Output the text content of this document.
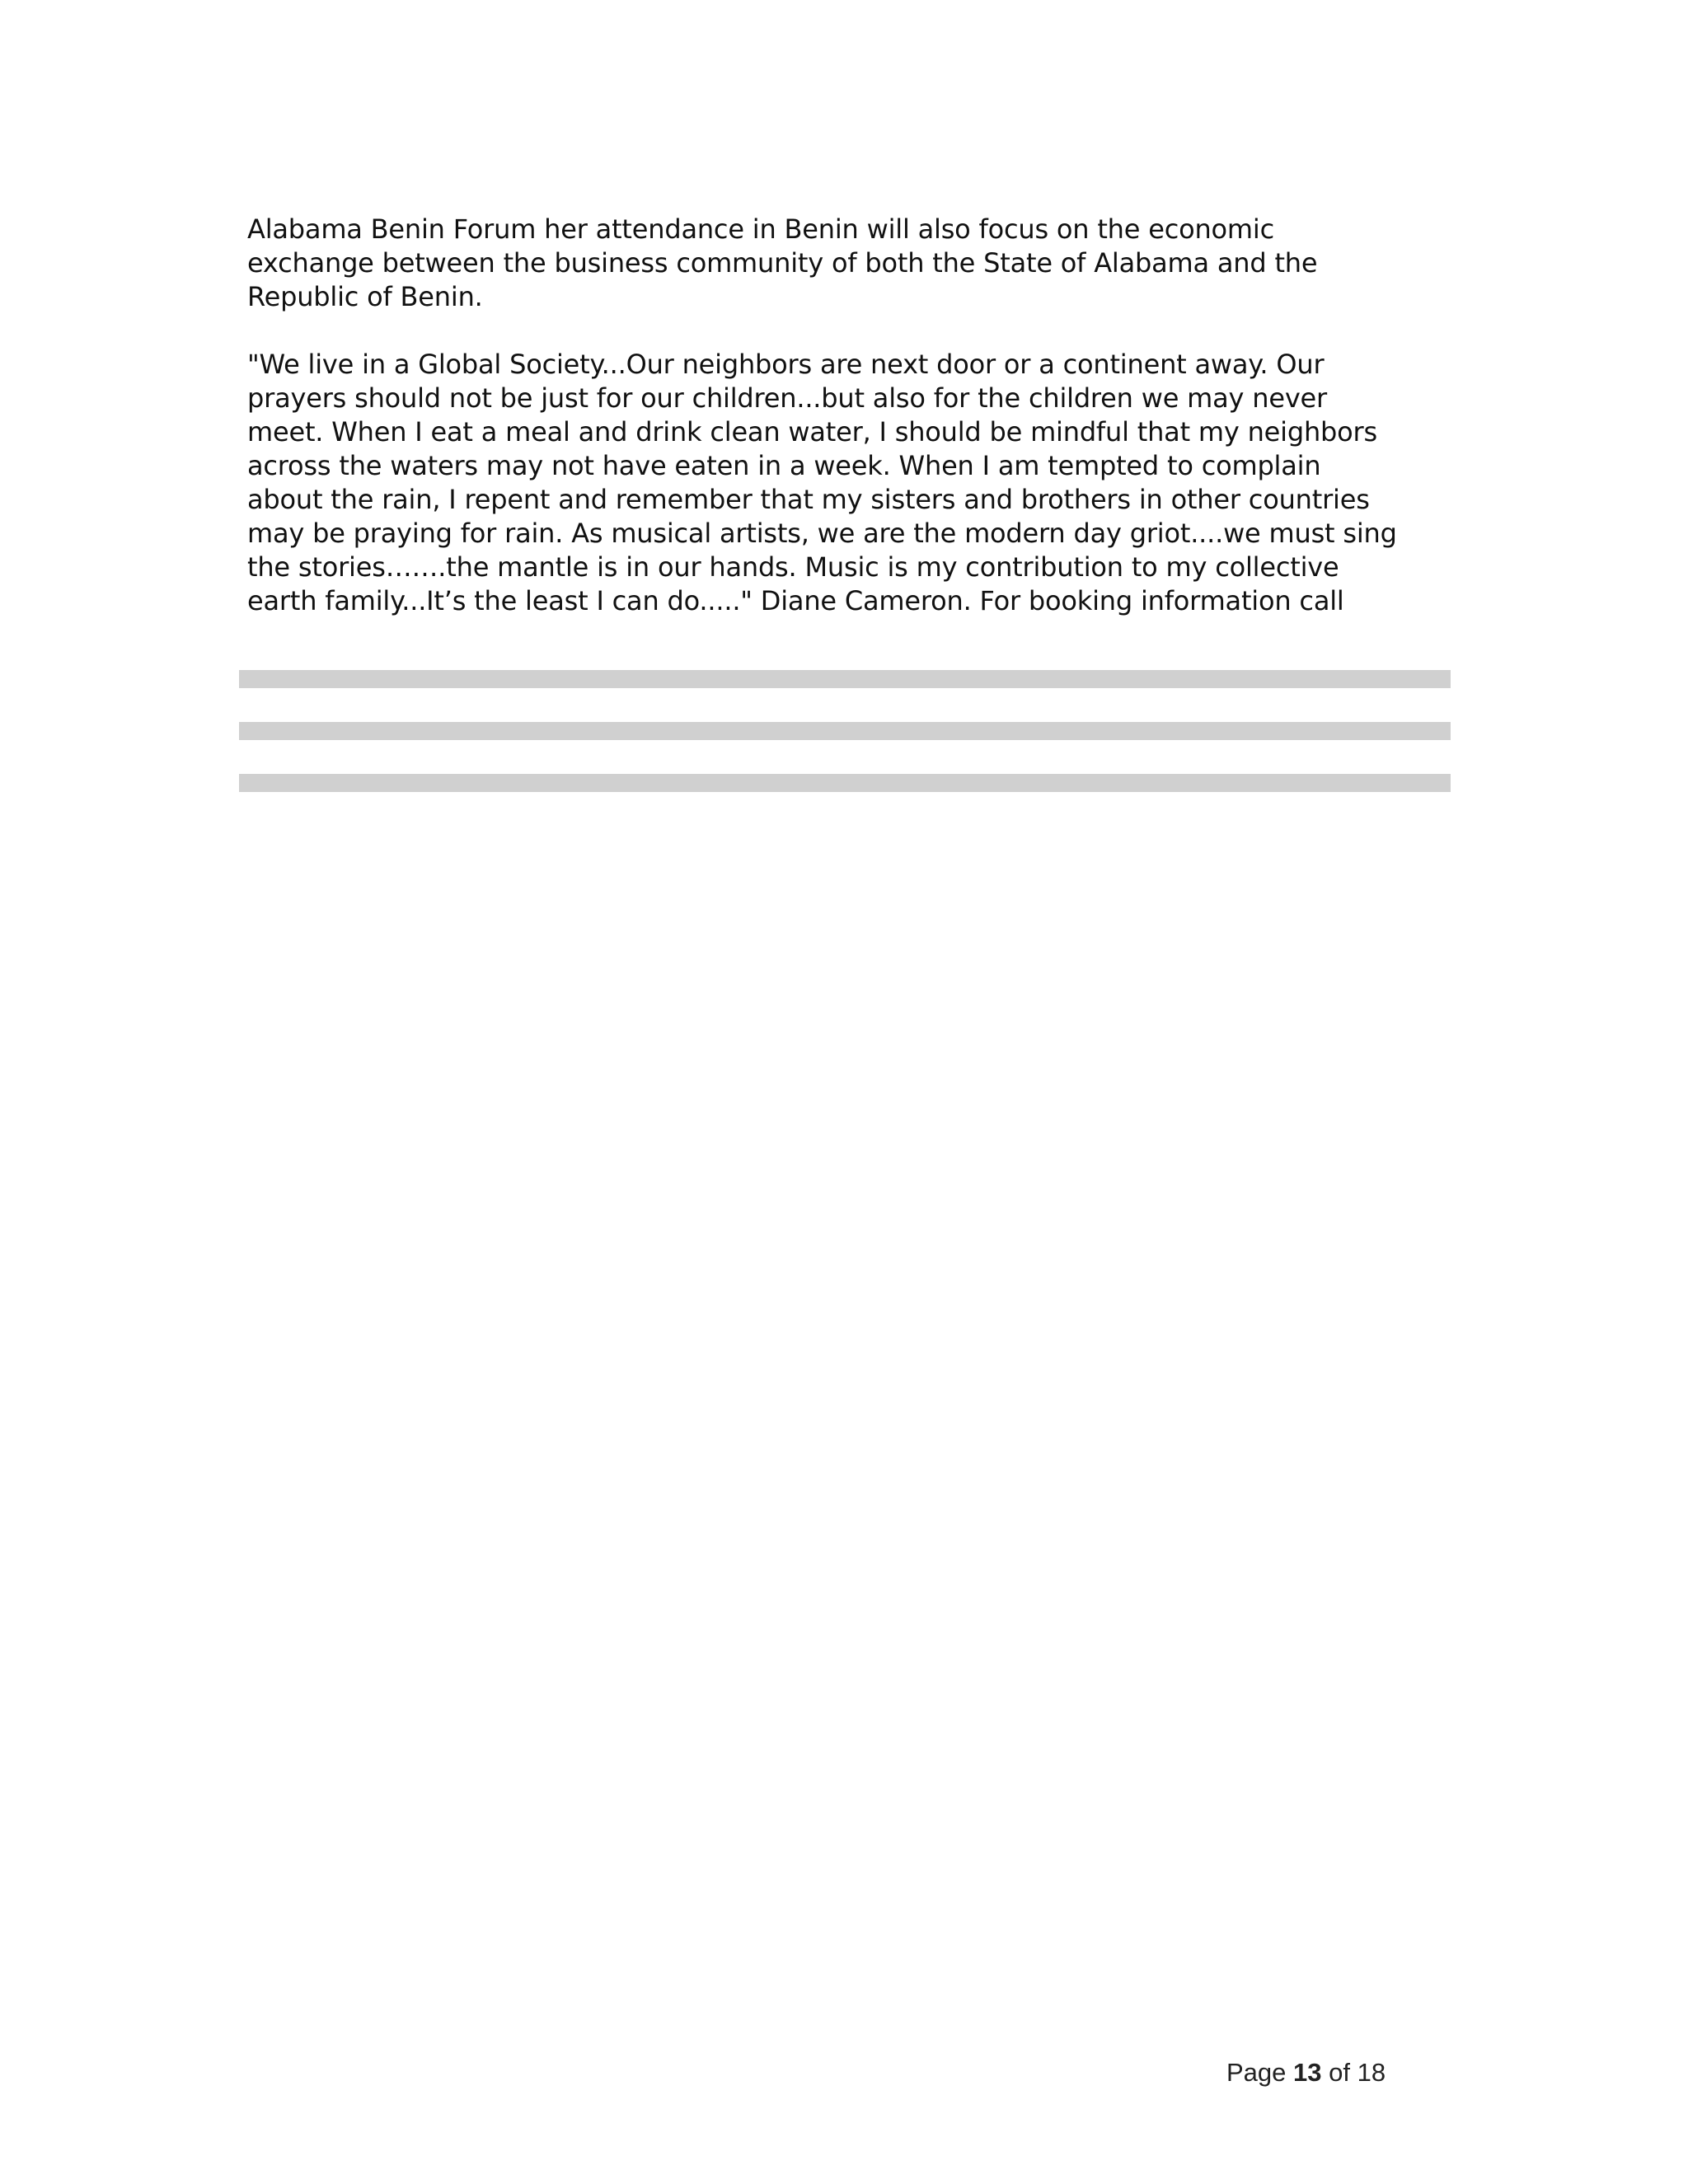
Alabama Benin Forum her attendance in Benin will also focus on the economic
exchange between the business community of both the State of Alabama and the
Republic of Benin.

"We live in a Global Society...Our neighbors are next door or a continent away. Our
prayers should not be just for our children...but also for the children we may never
meet. When I eat a meal and drink clean water, I should be mindful that my neighbors
across the waters may not have eaten in a week. When I am tempted to complain
about the rain, I repent and remember that my sisters and brothers in other countries
may be praying for rain. As musical artists, we are the modern day griot....we must sing
the stories…….the mantle is in our hands. Music is my contribution to my collective
earth family...It’s the least I can do....." Diane Cameron. For booking information call

Page 13 of 18
